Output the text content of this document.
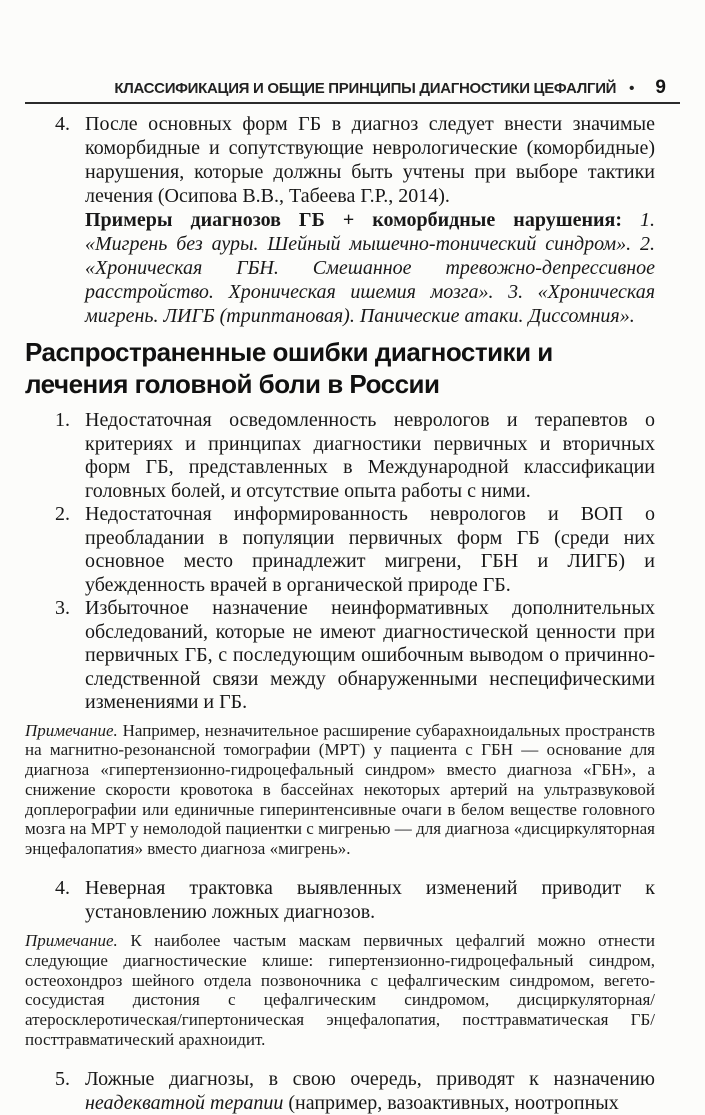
КЛАССИФИКАЦИЯ И ОБЩИЕ ПРИНЦИПЫ ДИАГНОСТИКИ ЦЕФАЛГИЙ • 9
4. После основных форм ГБ в диагноз следует внести значимые коморбидные и сопутствующие неврологические (коморбидные) нарушения, которые должны быть учтены при выборе тактики лечения (Осипова В.В., Табеева Г.Р., 2014).

Примеры диагнозов ГБ + коморбидные нарушения: 1. «Мигрень без ауры. Шейный мышечно-тонический синдром». 2. «Хроническая ГБН. Смешанное тревожно-депрессивное расстройство. Хроническая ишемия мозга». 3. «Хроническая мигрень. ЛИГБ (триптановая). Панические атаки. Диссомния».

Распространенные ошибки диагностики и лечения головной боли в России
1. Недостаточная осведомленность неврологов и терапевтов о критериях и принципах диагностики первичных и вторичных форм ГБ, представленных в Международной классификации головных болей, и отсутствие опыта работы с ними.

2. Недостаточная информированность неврологов и ВОП о преобладании в популяции первичных форм ГБ (среди них основное место принадлежит мигрени, ГБН и ЛИГБ) и убежденность врачей в органической природе ГБ.

3. Избыточное назначение неинформативных дополнительных обследований, которые не имеют диагностической ценности при первичных ГБ, с последующим ошибочным выводом о причинно-следственной связи между обнаруженными неспецифическими изменениями и ГБ.

Примечание. Например, незначительное расширение субарахноидальных пространств на магнитно-резонансной томографии (МРТ) у пациента с ГБН — основание для диагноза «гипертензионно-гидроцефальный синдром» вместо диагноза «ГБН», а снижение скорости кровотока в бассейнах некоторых артерий на ультразвуковой доплерографии или единичные гиперинтенсивные очаги в белом веществе головного мозга на МРТ у немолодой пациентки с мигренью — для диагноза «дисциркуляторная энцефалопатия» вместо диагноза «мигрень».

4. Неверная трактовка выявленных изменений приводит к установлению ложных диагнозов.

Примечание. К наиболее частым маскам первичных цефалгий можно отнести следующие диагностические клише: гипертензионно-гидроцефальный синдром, остеохондроз шейного отдела позвоночника с цефалгическим синдромом, вегето-сосудистая дистония с цефалгическим синдромом, дисциркуляторная/атеросклеротическая/гипертоническая энцефалопатия, посттравматическая ГБ/посттравматический арахноидит.

5. Ложные диагнозы, в свою очередь, приводят к назначению неадекватной терапии (например, вазоактивных, ноотропных
